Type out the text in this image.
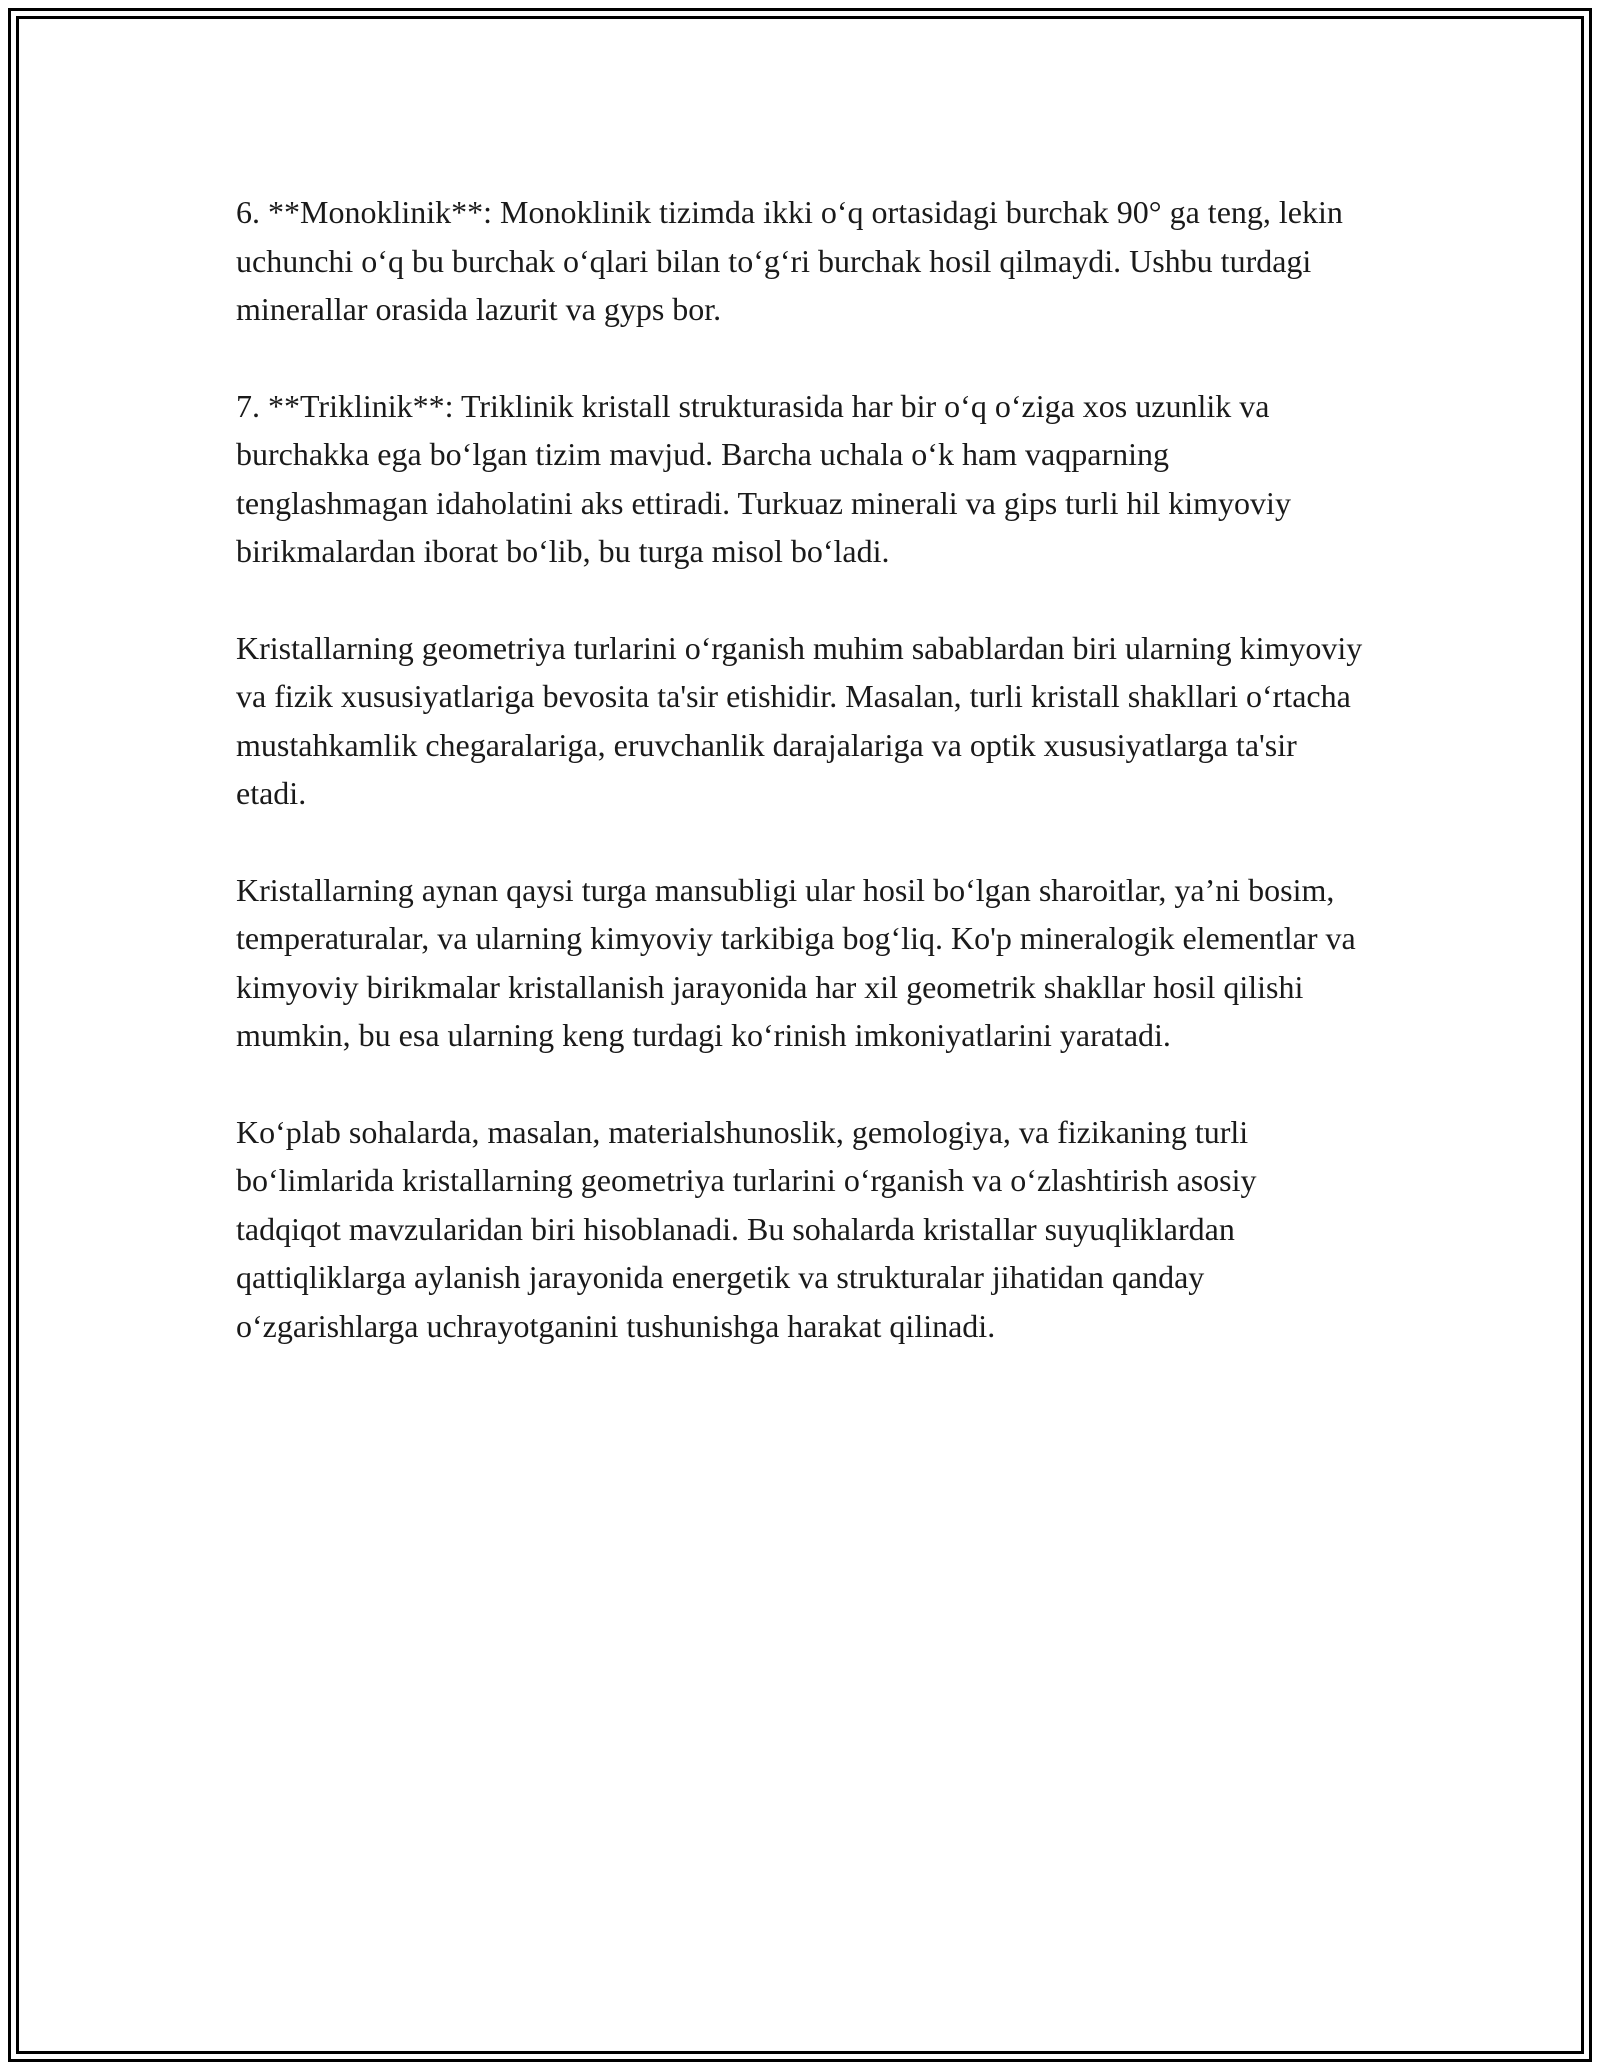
6. **Monoklinik**: Monoklinik tizimda ikki o‘q ortasidagi burchak 90° ga teng, lekin uchunchi o‘q bu burchak o‘qlari bilan to‘g‘ri burchak hosil qilmaydi. Ushbu turdagi minerallar orasida lazurit va gyps bor.

7. **Triklinik**: Triklinik kristall strukturasida har bir o‘q o‘ziga xos uzunlik va burchakka ega bo‘lgan tizim mavjud. Barcha uchala o‘k ham vaqparning tenglashmagan idaholatini aks ettiradi. Turkuaz minerali va gips turli hil kimyoviy birikmalardan iborat bo‘lib, bu turga misol bo‘ladi.

Kristallarning geometriya turlarini o‘rganish muhim sabablardan biri ularning kimyoviy va fizik xususiyatlariga bevosita ta'sir etishidir. Masalan, turli kristall shakllari o‘rtacha mustahkamlik chegaralariga, eruvchanlik darajalariga va optik xususiyatlarga ta'sir etadi.

Kristallarning aynan qaysi turga mansubligi ular hosil bo‘lgan sharoitlar, ya’ni bosim, temperaturalar, va ularning kimyoviy tarkibiga bog‘liq. Ko'p mineralogik elementlar va kimyoviy birikmalar kristallanish jarayonida har xil geometrik shakllar hosil qilishi mumkin, bu esa ularning keng turdagi ko‘rinish imkoniyatlarini yaratadi.

Ko‘plab sohalarda, masalan, materialshunoslik, gemologiya, va fizikaning turli bo‘limlarida kristallarning geometriya turlarini o‘rganish va o‘zlashtirish asosiy tadqiqot mavzularidan biri hisoblanadi. Bu sohalarda kristallar suyuqliklardan qattiqliklarga aylanish jarayonida energetik va strukturalar jihatidan qanday o‘zgarishlarga uchrayotganini tushunishga harakat qilinadi.
